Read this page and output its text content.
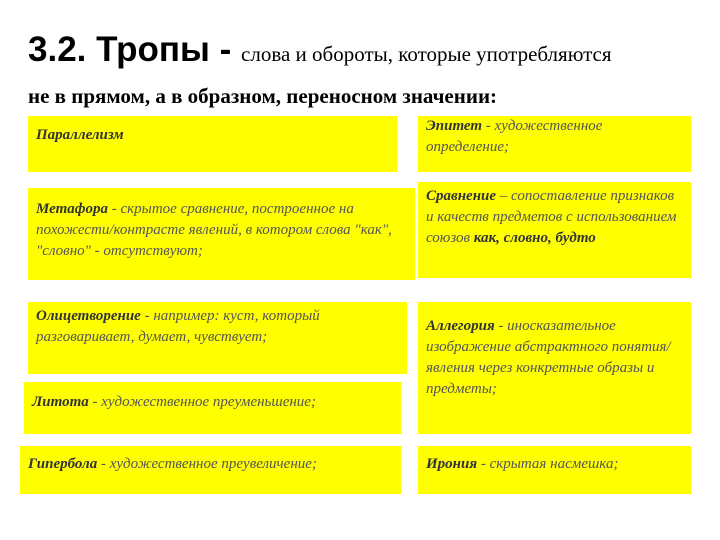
3.2. Тропы - слова и обороты, которые употребляются
не в прямом, а в образном, переносном значении:
Параллелизм
Эпитет - художественное определение;
Метафора - скрытое сравнение, построенное на похожести/контрасте явлений, в котором слова "как", "словно" - отсутствуют;
Сравнение – сопоставление признаков и качеств предметов с использованием союзов как, словно, будто
Олицетворение - например: куст, который разговаривает, думает, чувствует;
Аллегория - иносказательное изображение абстрактного понятия/явления через конкретные образы и предметы;
Литота - художественное преуменьшение;
Гипербола - художественное преувеличение;	Ирония - скрытая насмешка;
